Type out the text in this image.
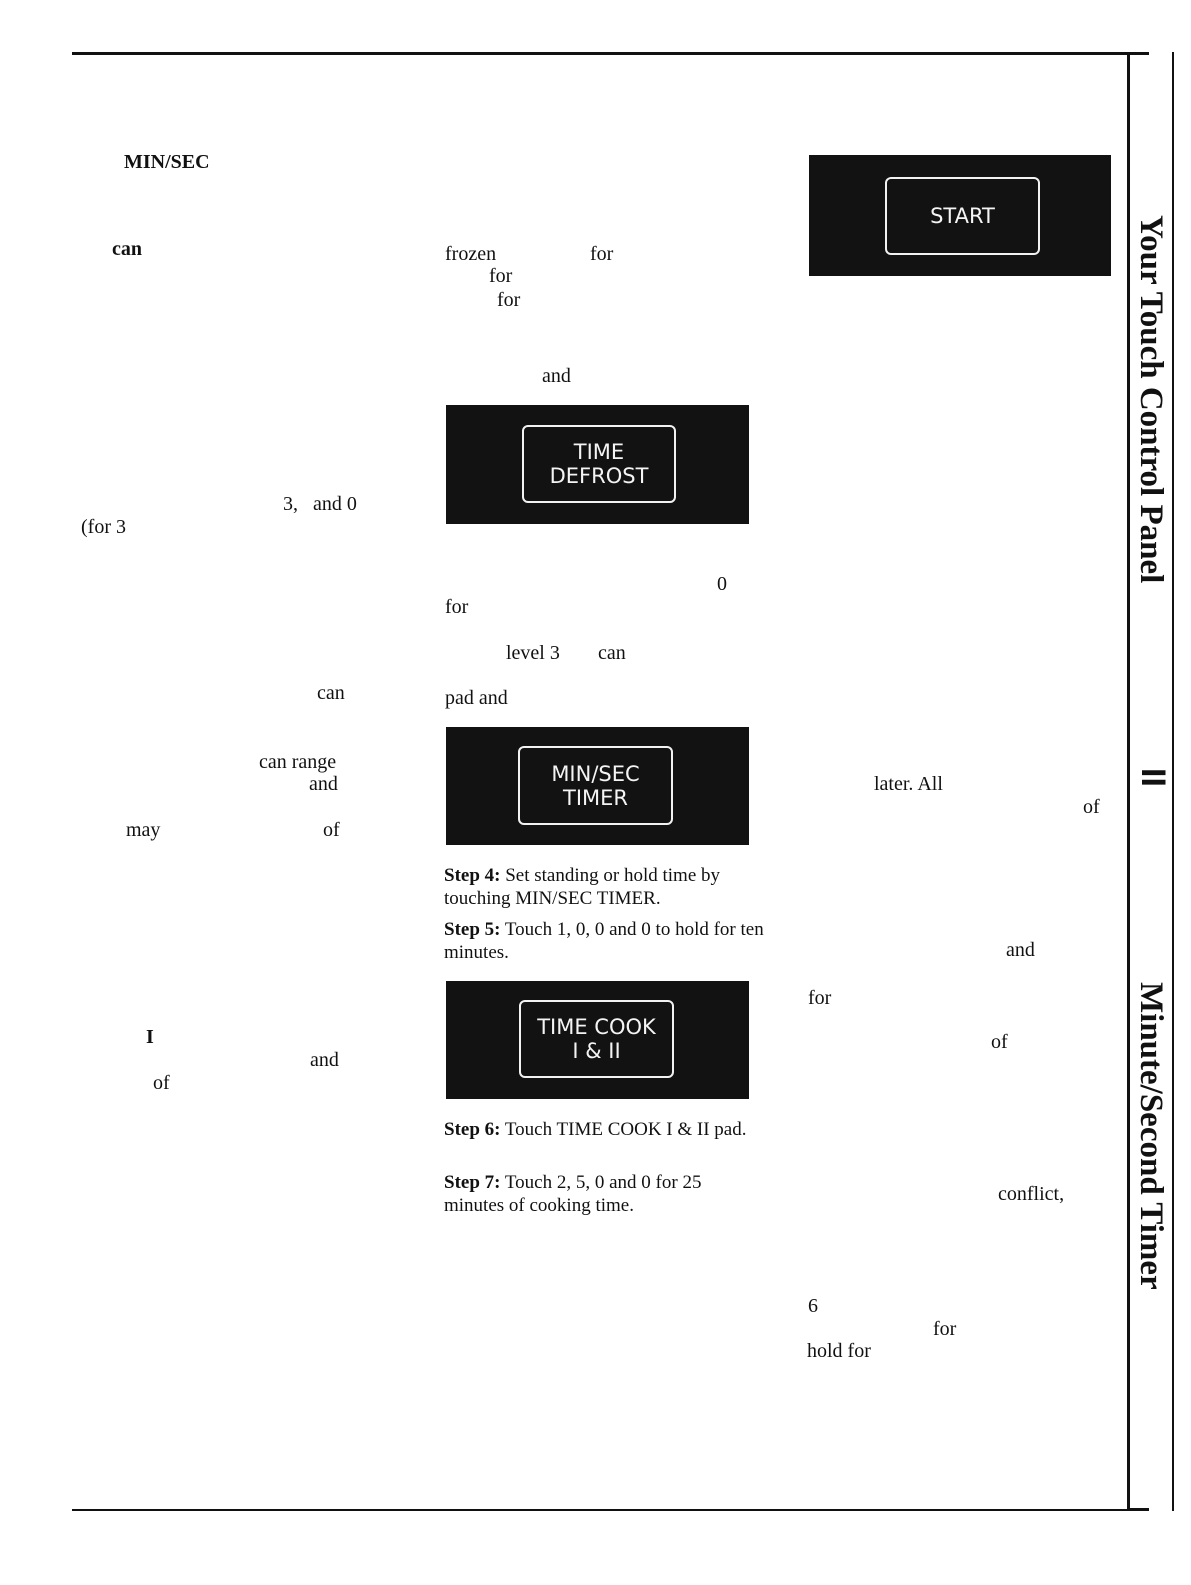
MIN/SEC
can
3,   and 0
(for 3
can
can range
and
may	of
I
and
of
frozen	for
for
for
and
TIME
DEFROST
0
for
level 3 can
pad and
MIN/SEC
TIMER
Step 4: Set standing or hold time by touching MIN/SEC TIMER.
Step 5: Touch 1, 0, 0 and 0 to hold for ten minutes.
TIME COOK
I & II
Step 6: Touch TIME COOK I & II pad.
Step 7: Touch 2, 5, 0 and 0 for 25 minutes of cooking time.
START
later. All
of
and
for
of
conflict,
6
for
hold for
Your Touch Control Panel
II
Minute/Second Timer
